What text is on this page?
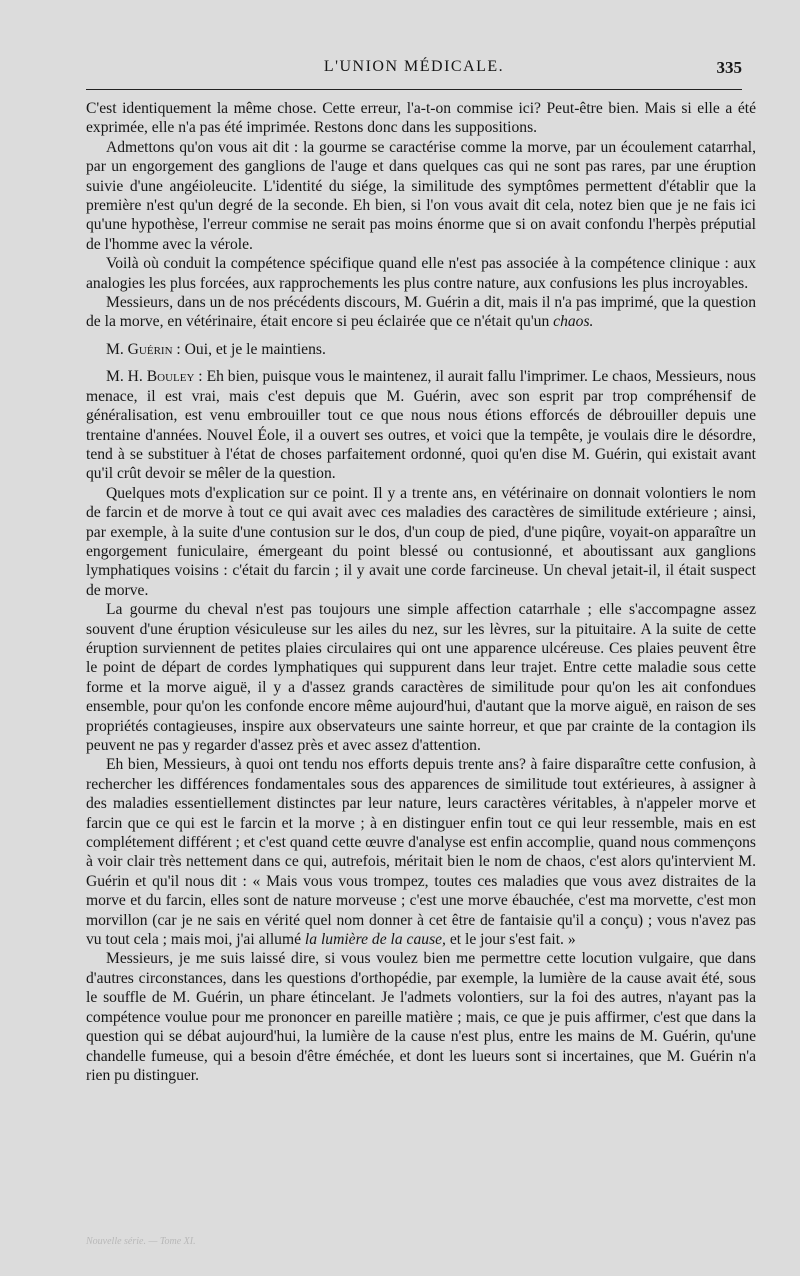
L'UNION MÉDICALE.	335

C'est identiquement la même chose. Cette erreur, l'a-t-on commise ici? Peut-être bien. Mais si elle a été exprimée, elle n'a pas été imprimée. Restons donc dans les suppositions.

Admettons qu'on vous ait dit : la gourme se caractérise comme la morve, par un écoulement catarrhal, par un engorgement des ganglions de l'auge et dans quelques cas qui ne sont pas rares, par une éruption suivie d'une angéioleucite. L'identité du siége, la similitude des symptômes permettent d'établir que la première n'est qu'un degré de la seconde. Eh bien, si l'on vous avait dit cela, notez bien que je ne fais ici qu'une hypothèse, l'erreur commise ne serait pas moins énorme que si on avait confondu l'herpès préputial de l'homme avec la vérole.

Voilà où conduit la compétence spécifique quand elle n'est pas associée à la compétence clinique : aux analogies les plus forcées, aux rapprochements les plus contre nature, aux confusions les plus incroyables.

Messieurs, dans un de nos précédents discours, M. Guérin a dit, mais il n'a pas imprimé, que la question de la morve, en vétérinaire, était encore si peu éclairée que ce n'était qu'un chaos.

M. Guérin : Oui, et je le maintiens.

M. H. Bouley : Eh bien, puisque vous le maintenez, il aurait fallu l'imprimer. Le chaos, Messieurs, nous menace, il est vrai, mais c'est depuis que M. Guérin, avec son esprit par trop compréhensif de généralisation, est venu embrouiller tout ce que nous nous étions efforcés de débrouiller depuis une trentaine d'années. Nouvel Éole, il a ouvert ses outres, et voici que la tempête, je voulais dire le désordre, tend à se substituer à l'état de choses parfaitement ordonné, quoi qu'en dise M. Guérin, qui existait avant qu'il crût devoir se mêler de la question.

Quelques mots d'explication sur ce point. Il y a trente ans, en vétérinaire on donnait volontiers le nom de farcin et de morve à tout ce qui avait avec ces maladies des caractères de similitude extérieure ; ainsi, par exemple, à la suite d'une contusion sur le dos, d'un coup de pied, d'une piqûre, voyait-on apparaître un engorgement funiculaire, émergeant du point blessé ou contusionné, et aboutissant aux ganglions lymphatiques voisins : c'était du farcin ; il y avait une corde farcineuse. Un cheval jetait-il, il était suspect de morve.

La gourme du cheval n'est pas toujours une simple affection catarrhale ; elle s'accompagne assez souvent d'une éruption vésiculeuse sur les ailes du nez, sur les lèvres, sur la pituitaire. A la suite de cette éruption surviennent de petites plaies circulaires qui ont une apparence ulcéreuse. Ces plaies peuvent être le point de départ de cordes lymphatiques qui suppurent dans leur trajet. Entre cette maladie sous cette forme et la morve aiguë, il y a d'assez grands caractères de similitude pour qu'on les ait confondues ensemble, pour qu'on les confonde encore même aujourd'hui, d'autant que la morve aiguë, en raison de ses propriétés contagieuses, inspire aux observateurs une sainte horreur, et que par crainte de la contagion ils peuvent ne pas y regarder d'assez près et avec assez d'attention.

Eh bien, Messieurs, à quoi ont tendu nos efforts depuis trente ans? à faire disparaître cette confusion, à rechercher les différences fondamentales sous des apparences de similitude tout extérieures, à assigner à des maladies essentiellement distinctes par leur nature, leurs caractères véritables, à n'appeler morve et farcin que ce qui est le farcin et la morve ; à en distinguer enfin tout ce qui leur ressemble, mais en est complétement différent ; et c'est quand cette œuvre d'analyse est enfin accomplie, quand nous commençons à voir clair très nettement dans ce qui, autrefois, méritait bien le nom de chaos, c'est alors qu'intervient M. Guérin et qu'il nous dit : « Mais vous vous trompez, toutes ces maladies que vous avez distraites de la morve et du farcin, elles sont de nature morveuse ; c'est une morve ébauchée, c'est ma morvette, c'est mon morvillon (car je ne sais en vérité quel nom donner à cet être de fantaisie qu'il a conçu) ; vous n'avez pas vu tout cela ; mais moi, j'ai allumé la lumière de la cause, et le jour s'est fait. »

Messieurs, je me suis laissé dire, si vous voulez bien me permettre cette locution vulgaire, que dans d'autres circonstances, dans les questions d'orthopédie, par exemple, la lumière de la cause avait été, sous le souffle de M. Guérin, un phare étincelant. Je l'admets volontiers, sur la foi des autres, n'ayant pas la compétence voulue pour me prononcer en pareille matière ; mais, ce que je puis affirmer, c'est que dans la question qui se débat aujourd'hui, la lumière de la cause n'est plus, entre les mains de M. Guérin, qu'une chandelle fumeuse, qui a besoin d'être éméchée, et dont les lueurs sont si incertaines, que M. Guérin n'a rien pu distinguer.

Nouvelle série. — Tome XI.
